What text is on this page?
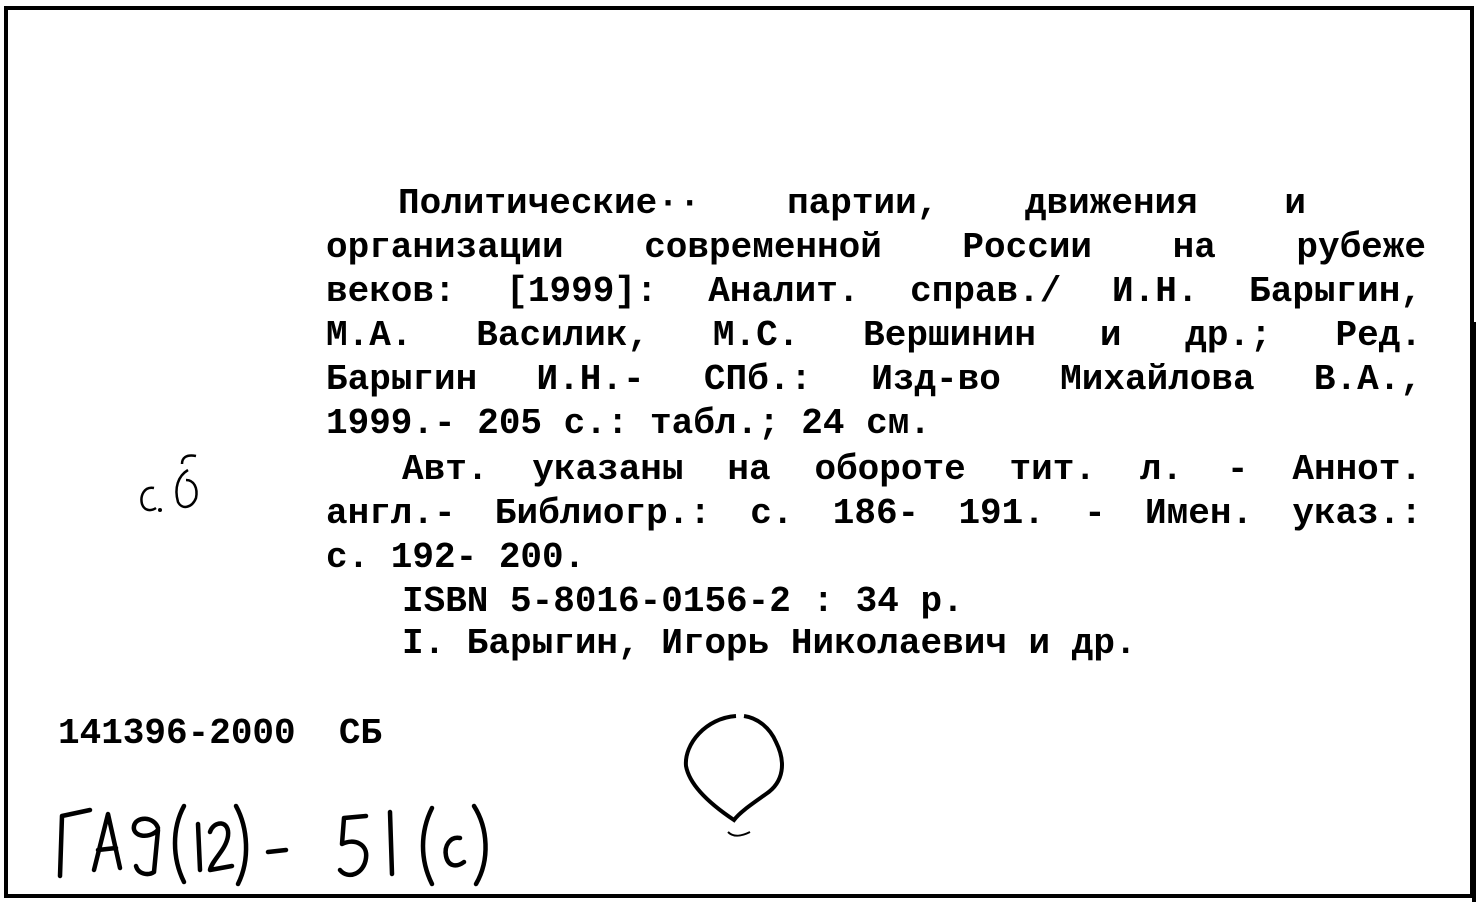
Политические·· партии, движения и
организации современной России на рубеже
веков: [1999]: Аналит. справ./ И.Н. Барыгин,
М.А. Василик, М.С. Вершинин и др.; Ред.
Барыгин И.Н.- СПб.: Изд-во Михайлова В.А.,
1999.- 205 с.: табл.; 24 см.
Авт. указаны на обороте тит. л. - Аннот.
англ.- Библиогр.: с. 186- 191. - Имен. указ.:
с. 192- 200.
ISBN 5-8016-0156-2 : 34 р.
I. Барыгин, Игорь Николаевич и др.
141396-2000  СБ
